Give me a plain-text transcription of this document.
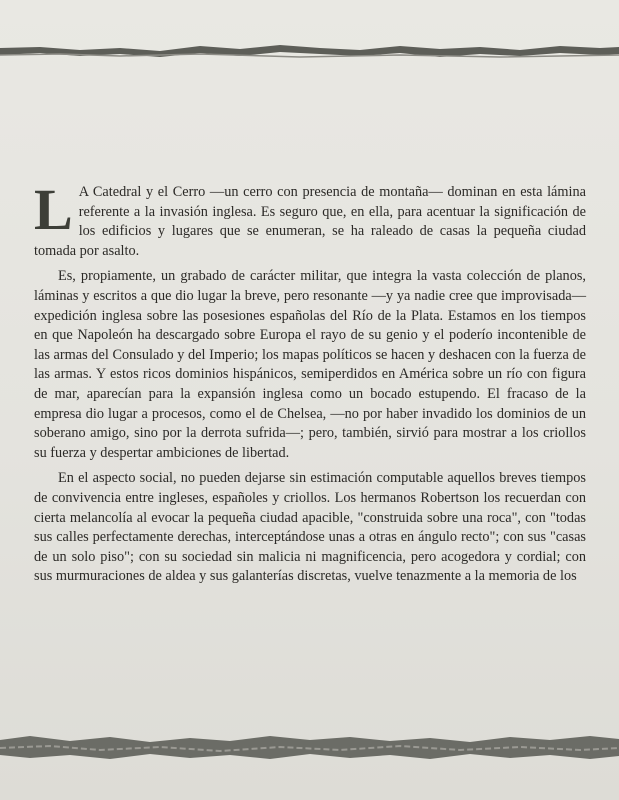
L A Catedral y el Cerro —un cerro con presencia de montaña— dominan en esta lámina referente a la invasión inglesa. Es seguro que, en ella, para acentuar la significación de los edificios y lugares que se enumeran, se ha raleado de casas la pequeña ciudad tomada por asalto.

Es, propiamente, un grabado de carácter militar, que integra la vasta colección de planos, láminas y escritos a que dio lugar la breve, pero resonante —y ya nadie cree que improvisada— expedición inglesa sobre las posesiones españolas del Río de la Plata. Estamos en los tiempos en que Napoleón ha descargado sobre Europa el rayo de su genio y el poderío incontenible de las armas del Consulado y del Imperio; los mapas políticos se hacen y deshacen con la fuerza de las armas. Y estos ricos dominios hispánicos, semiperdidos en América sobre un río con figura de mar, aparecían para la expansión inglesa como un bocado estupendo. El fracaso de la empresa dio lugar a procesos, como el de Chelsea, —no por haber invadido los dominios de un soberano amigo, sino por la derrota sufrida—; pero, también, sirvió para mostrar a los criollos su fuerza y despertar ambiciones de libertad.

En el aspecto social, no pueden dejarse sin estimación computable aquellos breves tiempos de convivencia entre ingleses, españoles y criollos. Los hermanos Robertson los recuerdan con cierta melancolía al evocar la pequeña ciudad apacible, "construida sobre una roca", con "todas sus calles perfectamente derechas, interceptándose unas a otras en ángulo recto"; con sus "casas de un solo piso"; con su sociedad sin malicia ni magnificencia, pero acogedora y cordial; con sus murmuraciones de aldea y sus galanterías discretas, vuelve tenazmente a la memoria de los
